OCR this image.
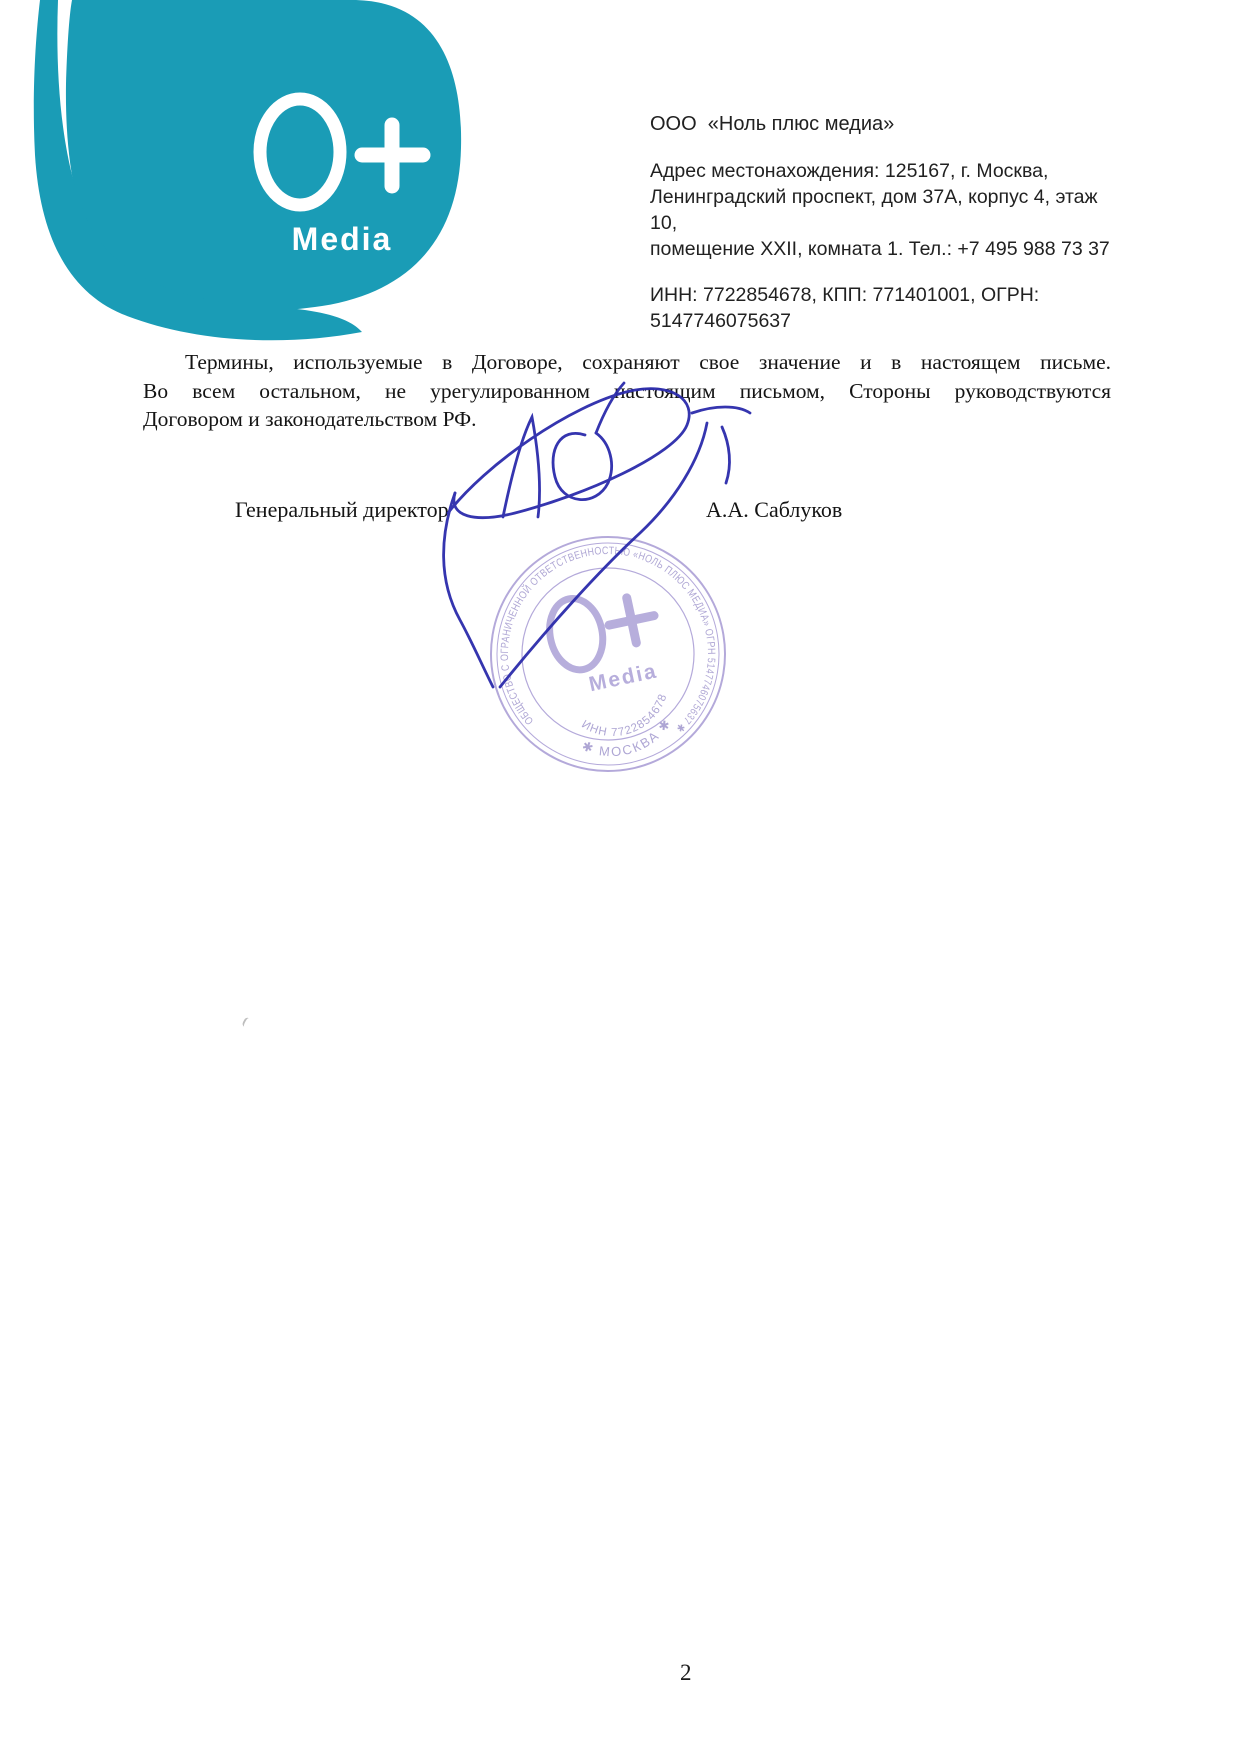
Media

ООО  «Ноль плюс медиа»

Адрес местонахождения: 125167, г. Москва,

Ленинградский проспект, дом 37А, корпус 4, этаж 10,

помещение XXII, комната 1. Тел.: +7 495 988 73 37

ИНН: 7722854678, КПП: 771401001, ОГРН: 5147746075637

Термины, используемые в Договоре, сохраняют свое значение и в настоящем письме.
Во всем остальном, не урегулированном настоящим письмом, Стороны руководствуются
Договором и законодательством РФ.
Генеральный директор	А.А. Саблуков
ОБЩЕСТВО С ОГРАНИЧЕННОЙ ОТВЕТСТВЕННОСТЬЮ «НОЛЬ ПЛЮС МЕДИА» ОГРН 5147746075637 ✱
ИНН 7722854678
✱ МОСКВА ✱
Media
2
